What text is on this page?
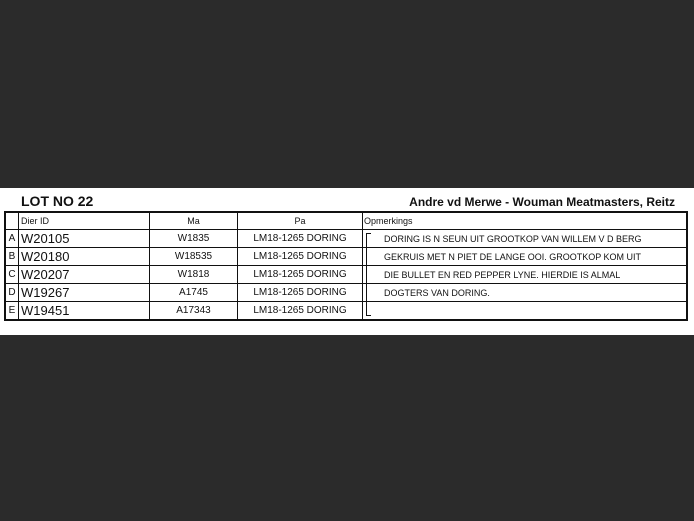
LOT NO 22	Andre vd Merwe - Wouman Meatmasters, Reitz
	Dier ID	Ma	Pa	Opmerkings
A	W20105	W1835	LM18-1265 DORING	DORING IS N SEUN UIT GROOTKOP VAN WILLEM V D BERG
B	W20180	W18535	LM18-1265 DORING	GEKRUIS MET N PIET DE LANGE OOI. GROOTKOP KOM UIT
C	W20207	W1818	LM18-1265 DORING	DIE BULLET EN RED PEPPER LYNE. HIERDIE IS ALMAL
D	W19267	A1745	LM18-1265 DORING	DOGTERS VAN DORING.
E	W19451	A17343	LM18-1265 DORING	
